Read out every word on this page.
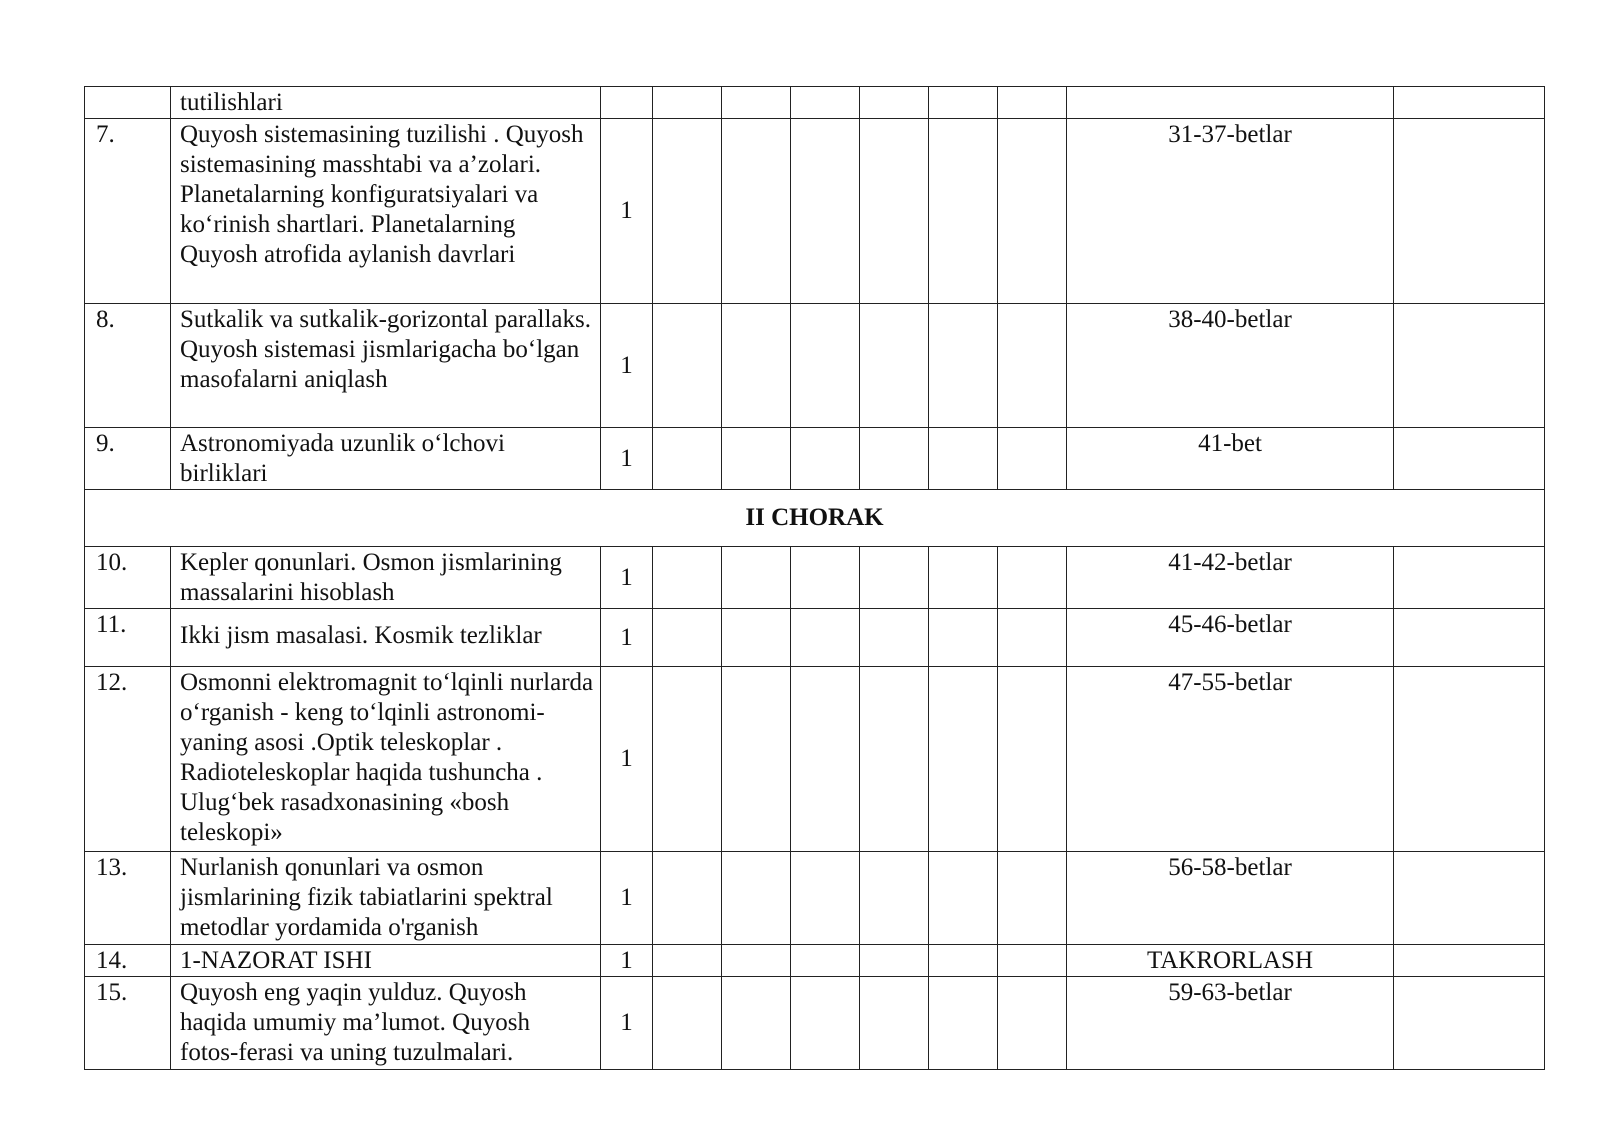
	tutilishlari									
7.	Quyosh sistemasining tuzilishi . Quyosh sistemasining masshtabi va a’zolari. Planetalarning konfiguratsiyalari va ko‘rinish shartlari. Planetalarning Quyosh atrofida aylanish davrlari	1							31-37-betlar	
8.	Sutkalik va sutkalik-gorizontal parallaks. Quyosh sistemasi jismlarigacha bo‘lgan masofalarni aniqlash	1							38-40-betlar	
9.	Astronomiyada uzunlik o‘lchovi birliklari	1							41-bet	
II CHORAK										
10.	Kepler qonunlari. Osmon jismlarining massalarini hisoblash	1							41-42-betlar	
11.	Ikki jism masalasi. Kosmik tezliklar	1							45-46-betlar	
12.	Osmonni elektromagnit to‘lqinli nurlarda o‘rganish - keng to‘lqinli astronomi-yaning asosi .Optik teleskoplar . Radioteleskoplar haqida tushuncha . Ulug‘bek rasadxonasining «bosh teleskopi»	1							47-55-betlar	
13.	Nurlanish qonunlari va osmon jismlarining fizik tabiatlarini spektral metodlar yordamida o'rganish	1							56-58-betlar	
14.	1-NAZORAT ISHI	1							TAKRORLASH	
15.	Quyosh eng yaqin yulduz. Quyosh haqida umumiy ma’lumot. Quyosh fotos-ferasi va uning tuzulmalari.	1							59-63-betlar	
